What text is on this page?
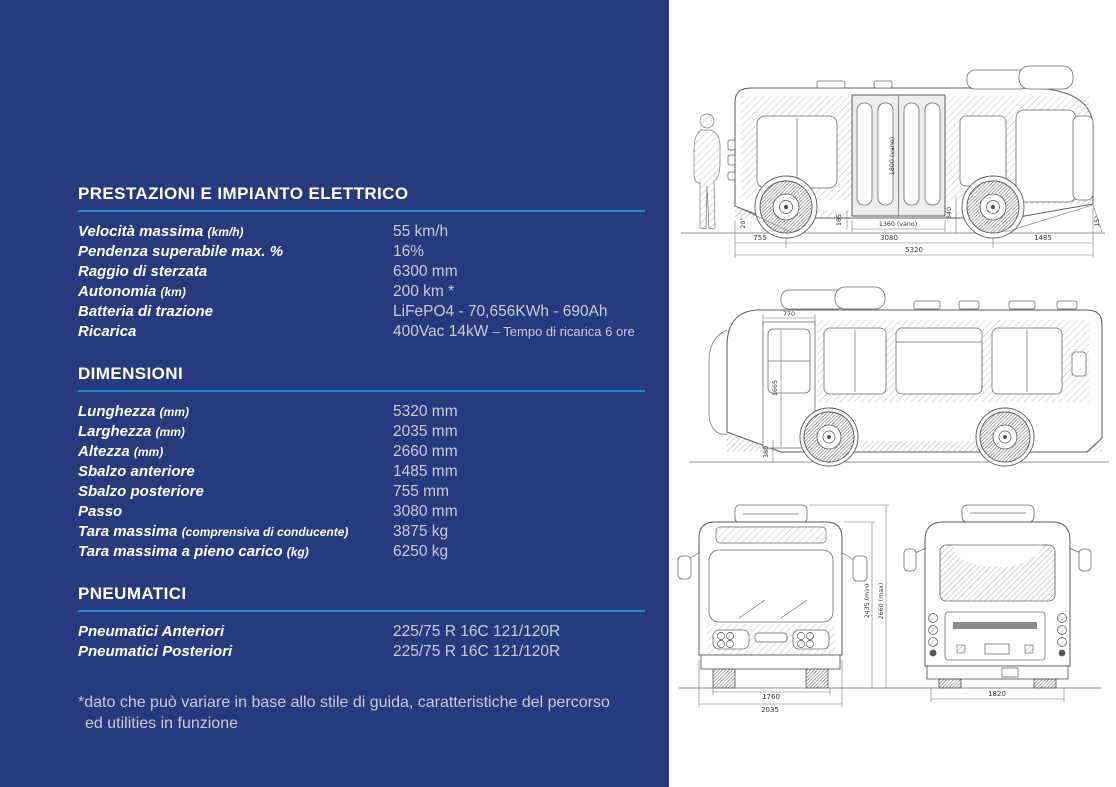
PRESTAZIONI E IMPIANTO ELETTRICO
Velocità massima (km/h)	55 km/h
Pendenza superabile max. %	16%
Raggio di sterzata	6300 mm
Autonomia (km)	200 km *
Batteria di trazione	LiFePO4 - 70,656KWh - 690Ah
Ricarica	400Vac 14kW – Tempo di ricarica 6 ore
DIMENSIONI
Lunghezza (mm)	5320 mm
Larghezza (mm)	2035 mm
Altezza (mm)	2660 mm
Sbalzo anteriore	1485 mm
Sbalzo posteriore	755 mm
Passo	3080 mm
Tara massima (comprensiva di conducente)	3875 kg
Tara massima a pieno carico (kg)	6250 kg
PNEUMATICI
Pneumatici Anteriori	225/75 R 16C 121/120R
Pneumatici Posteriori	225/75 R 16C 121/120R
*dato che può variare in base allo stile di guida, caratteristiche del percorso
ed utilities in funzione
755	3080	1485
5320
1360 (vano)
1800 (vano)
185
340
20°	15°
770
1665
380
1760
2035
2435 (min) 2660 (max)
1820
